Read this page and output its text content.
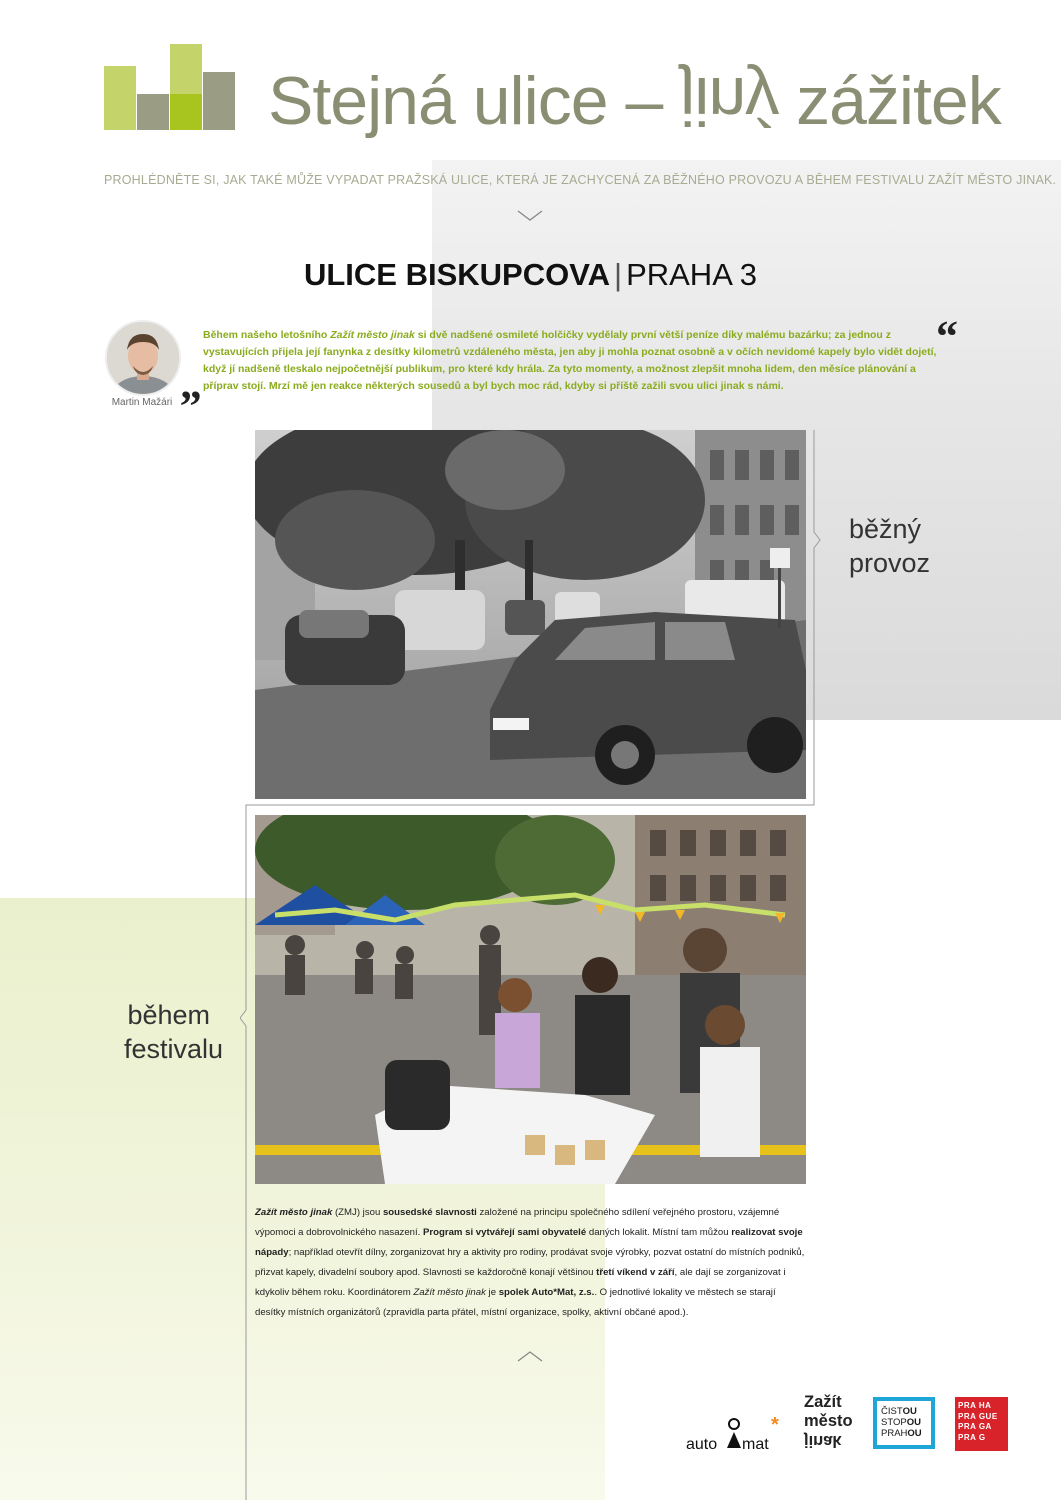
Stejná ulice – jiný zážitek
PROHLÉDNĚTE SI, JAK TAKÉ MŮŽE VYPADAT PRAŽSKÁ ULICE, KTERÁ JE ZACHYCENÁ ZA BĚŽNÉHO PROVOZU A BĚHEM FESTIVALU ZAŽÍT MĚSTO JINAK.
ULICE BISKUPCOVA | PRAHA 3
Martin Mažári „
“
Během našeho letošního Zažít město jinak si dvě nadšené osmileté holčičky vydělaly první větší peníze díky malému bazárku; za jednou z vystavujících přijela její fanynka z desítky kilometrů vzdáleného města, jen aby ji mohla poznat osobně a v očích nevidomé kapely bylo vidět dojetí, když jí nadšeně tleskalo nejpočetnější publikum, pro které kdy hrála. Za tyto momenty, a možnost zlepšit mnoha lidem, den měsíce plánování a příprav stojí. Mrzí mě jen reakce některých sousedů a byl bych moc rád, kdyby si příště zažili svou ulici jinak s námi.
běžný
provoz
během
festivalu
Zažít město jinak (ZMJ) jsou sousedské slavnosti založené na principu společného sdílení veřejného prostoru, vzájemné výpomoci a dobrovolnického nasazení. Program si vytvářejí sami obyvatelé daných lokalit. Místní tam můžou realizovat svoje nápady; například otevřít dílny, zorganizovat hry a aktivity pro rodiny, prodávat svoje výrobky, pozvat ostatní do místních podniků, přizvat kapely, divadelní soubory apod. Slavnosti se každoročně konají většinou třetí víkend v září, ale dají se zorganizovat i kdykoliv během roku. Koordinátorem Zažít město jinak je spolek Auto*Mat, z.s.. O jednotlivé lokality ve městech se starají desítky místních organizátorů (zpravidla parta přátel, místní organizace, spolky, aktivní občané apod.).
auto mat
*
Zažít
město
jinak
ČISTOU
STOPOU
PRAHOU
PRA HA
PRA GUE
PRA GA
PRA G
